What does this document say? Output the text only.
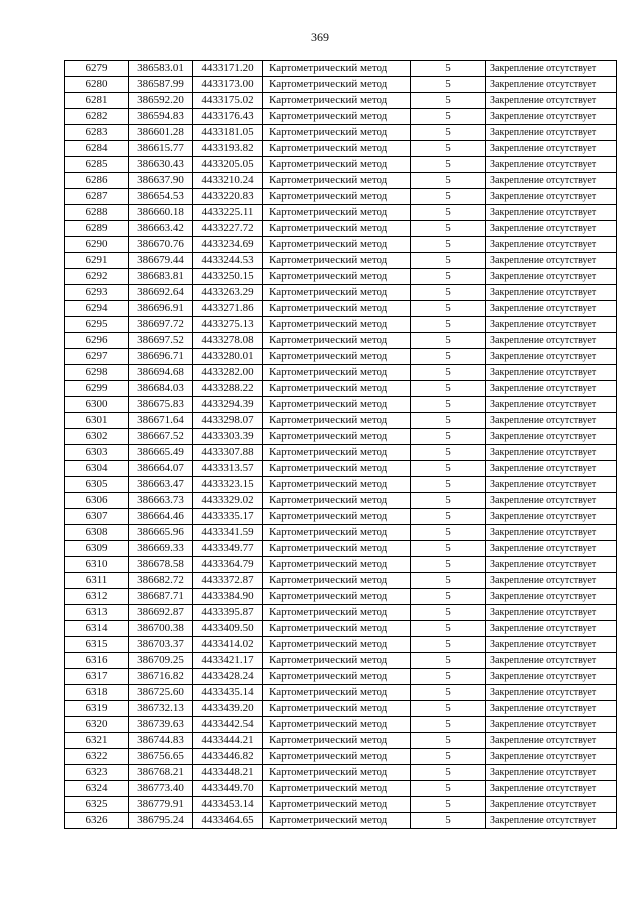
369
6279	386583.01	4433171.20	Картометрический метод	5	Закрепление отсутствует
6280	386587.99	4433173.00	Картометрический метод	5	Закрепление отсутствует
6281	386592.20	4433175.02	Картометрический метод	5	Закрепление отсутствует
6282	386594.83	4433176.43	Картометрический метод	5	Закрепление отсутствует
6283	386601.28	4433181.05	Картометрический метод	5	Закрепление отсутствует
6284	386615.77	4433193.82	Картометрический метод	5	Закрепление отсутствует
6285	386630.43	4433205.05	Картометрический метод	5	Закрепление отсутствует
6286	386637.90	4433210.24	Картометрический метод	5	Закрепление отсутствует
6287	386654.53	4433220.83	Картометрический метод	5	Закрепление отсутствует
6288	386660.18	4433225.11	Картометрический метод	5	Закрепление отсутствует
6289	386663.42	4433227.72	Картометрический метод	5	Закрепление отсутствует
6290	386670.76	4433234.69	Картометрический метод	5	Закрепление отсутствует
6291	386679.44	4433244.53	Картометрический метод	5	Закрепление отсутствует
6292	386683.81	4433250.15	Картометрический метод	5	Закрепление отсутствует
6293	386692.64	4433263.29	Картометрический метод	5	Закрепление отсутствует
6294	386696.91	4433271.86	Картометрический метод	5	Закрепление отсутствует
6295	386697.72	4433275.13	Картометрический метод	5	Закрепление отсутствует
6296	386697.52	4433278.08	Картометрический метод	5	Закрепление отсутствует
6297	386696.71	4433280.01	Картометрический метод	5	Закрепление отсутствует
6298	386694.68	4433282.00	Картометрический метод	5	Закрепление отсутствует
6299	386684.03	4433288.22	Картометрический метод	5	Закрепление отсутствует
6300	386675.83	4433294.39	Картометрический метод	5	Закрепление отсутствует
6301	386671.64	4433298.07	Картометрический метод	5	Закрепление отсутствует
6302	386667.52	4433303.39	Картометрический метод	5	Закрепление отсутствует
6303	386665.49	4433307.88	Картометрический метод	5	Закрепление отсутствует
6304	386664.07	4433313.57	Картометрический метод	5	Закрепление отсутствует
6305	386663.47	4433323.15	Картометрический метод	5	Закрепление отсутствует
6306	386663.73	4433329.02	Картометрический метод	5	Закрепление отсутствует
6307	386664.46	4433335.17	Картометрический метод	5	Закрепление отсутствует
6308	386665.96	4433341.59	Картометрический метод	5	Закрепление отсутствует
6309	386669.33	4433349.77	Картометрический метод	5	Закрепление отсутствует
6310	386678.58	4433364.79	Картометрический метод	5	Закрепление отсутствует
6311	386682.72	4433372.87	Картометрический метод	5	Закрепление отсутствует
6312	386687.71	4433384.90	Картометрический метод	5	Закрепление отсутствует
6313	386692.87	4433395.87	Картометрический метод	5	Закрепление отсутствует
6314	386700.38	4433409.50	Картометрический метод	5	Закрепление отсутствует
6315	386703.37	4433414.02	Картометрический метод	5	Закрепление отсутствует
6316	386709.25	4433421.17	Картометрический метод	5	Закрепление отсутствует
6317	386716.82	4433428.24	Картометрический метод	5	Закрепление отсутствует
6318	386725.60	4433435.14	Картометрический метод	5	Закрепление отсутствует
6319	386732.13	4433439.20	Картометрический метод	5	Закрепление отсутствует
6320	386739.63	4433442.54	Картометрический метод	5	Закрепление отсутствует
6321	386744.83	4433444.21	Картометрический метод	5	Закрепление отсутствует
6322	386756.65	4433446.82	Картометрический метод	5	Закрепление отсутствует
6323	386768.21	4433448.21	Картометрический метод	5	Закрепление отсутствует
6324	386773.40	4433449.70	Картометрический метод	5	Закрепление отсутствует
6325	386779.91	4433453.14	Картометрический метод	5	Закрепление отсутствует
6326	386795.24	4433464.65	Картометрический метод	5	Закрепление отсутствует
